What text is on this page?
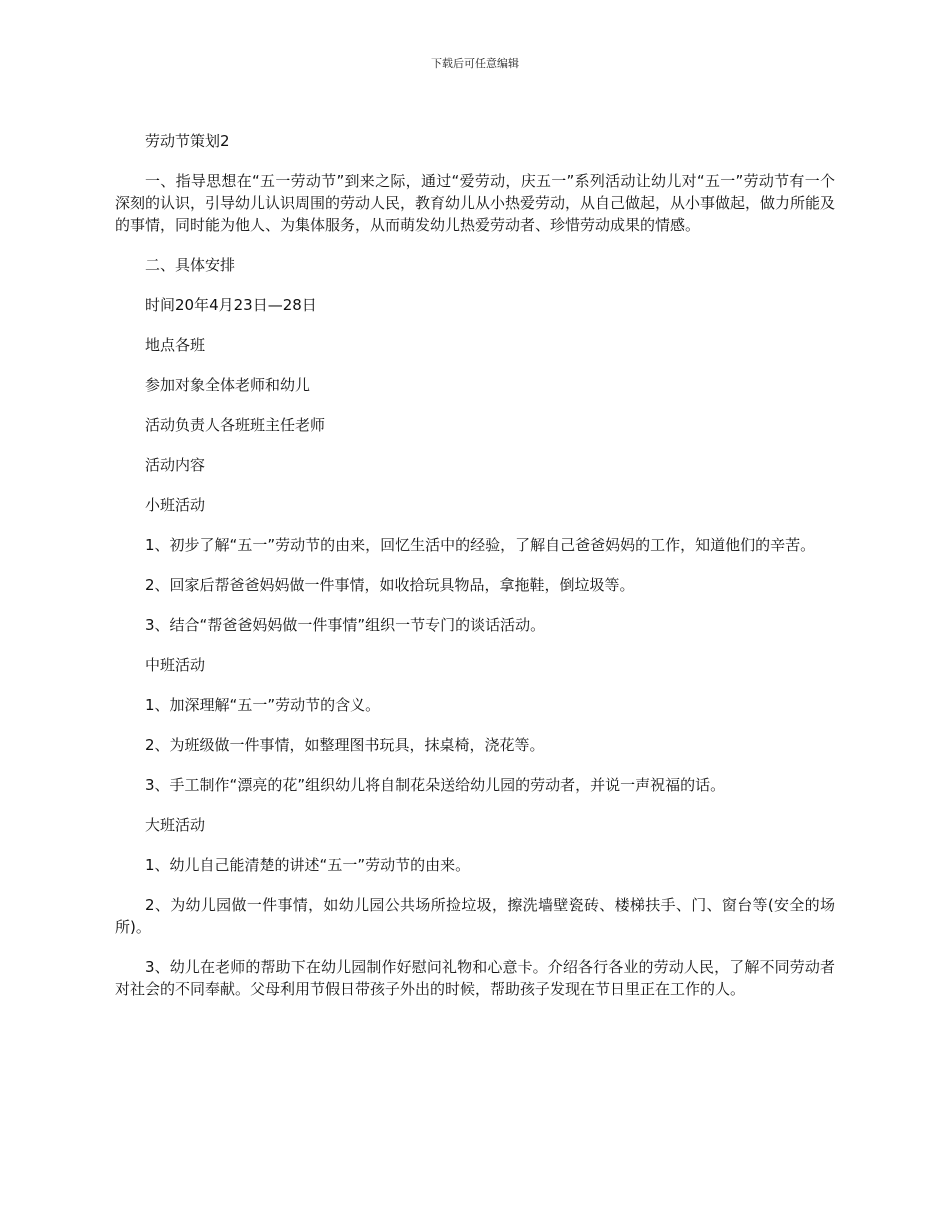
下载后可任意编辑

劳动节策划2

一、指导思想在“五一劳动节”到来之际，通过“爱劳动，庆五一”系列活动让幼儿对“五一”劳动节有一个深刻的认识，引导幼儿认识周围的劳动人民，教育幼儿从小热爱劳动，从自己做起，从小事做起，做力所能及的事情，同时能为他人、为集体服务，从而萌发幼儿热爱劳动者、珍惜劳动成果的情感。

二、具体安排

时间20年4月23日—28日

地点各班

参加对象全体老师和幼儿

活动负责人各班班主任老师

活动内容

小班活动

1、初步了解“五一”劳动节的由来，回忆生活中的经验，了解自己爸爸妈妈的工作，知道他们的辛苦。

2、回家后帮爸爸妈妈做一件事情，如收拾玩具物品，拿拖鞋，倒垃圾等。

3、结合“帮爸爸妈妈做一件事情”组织一节专门的谈话活动。

中班活动

1、加深理解“五一”劳动节的含义。

2、为班级做一件事情，如整理图书玩具，抹桌椅，浇花等。

3、手工制作“漂亮的花”组织幼儿将自制花朵送给幼儿园的劳动者，并说一声祝福的话。

大班活动

1、幼儿自己能清楚的讲述“五一”劳动节的由来。

2、为幼儿园做一件事情，如幼儿园公共场所捡垃圾，擦洗墙壁瓷砖、楼梯扶手、门、窗台等(安全的场所)。

3、幼儿在老师的帮助下在幼儿园制作好慰问礼物和心意卡。介绍各行各业的劳动人民，了解不同劳动者对社会的不同奉献。父母利用节假日带孩子外出的时候，帮助孩子发现在节日里正在工作的人。
